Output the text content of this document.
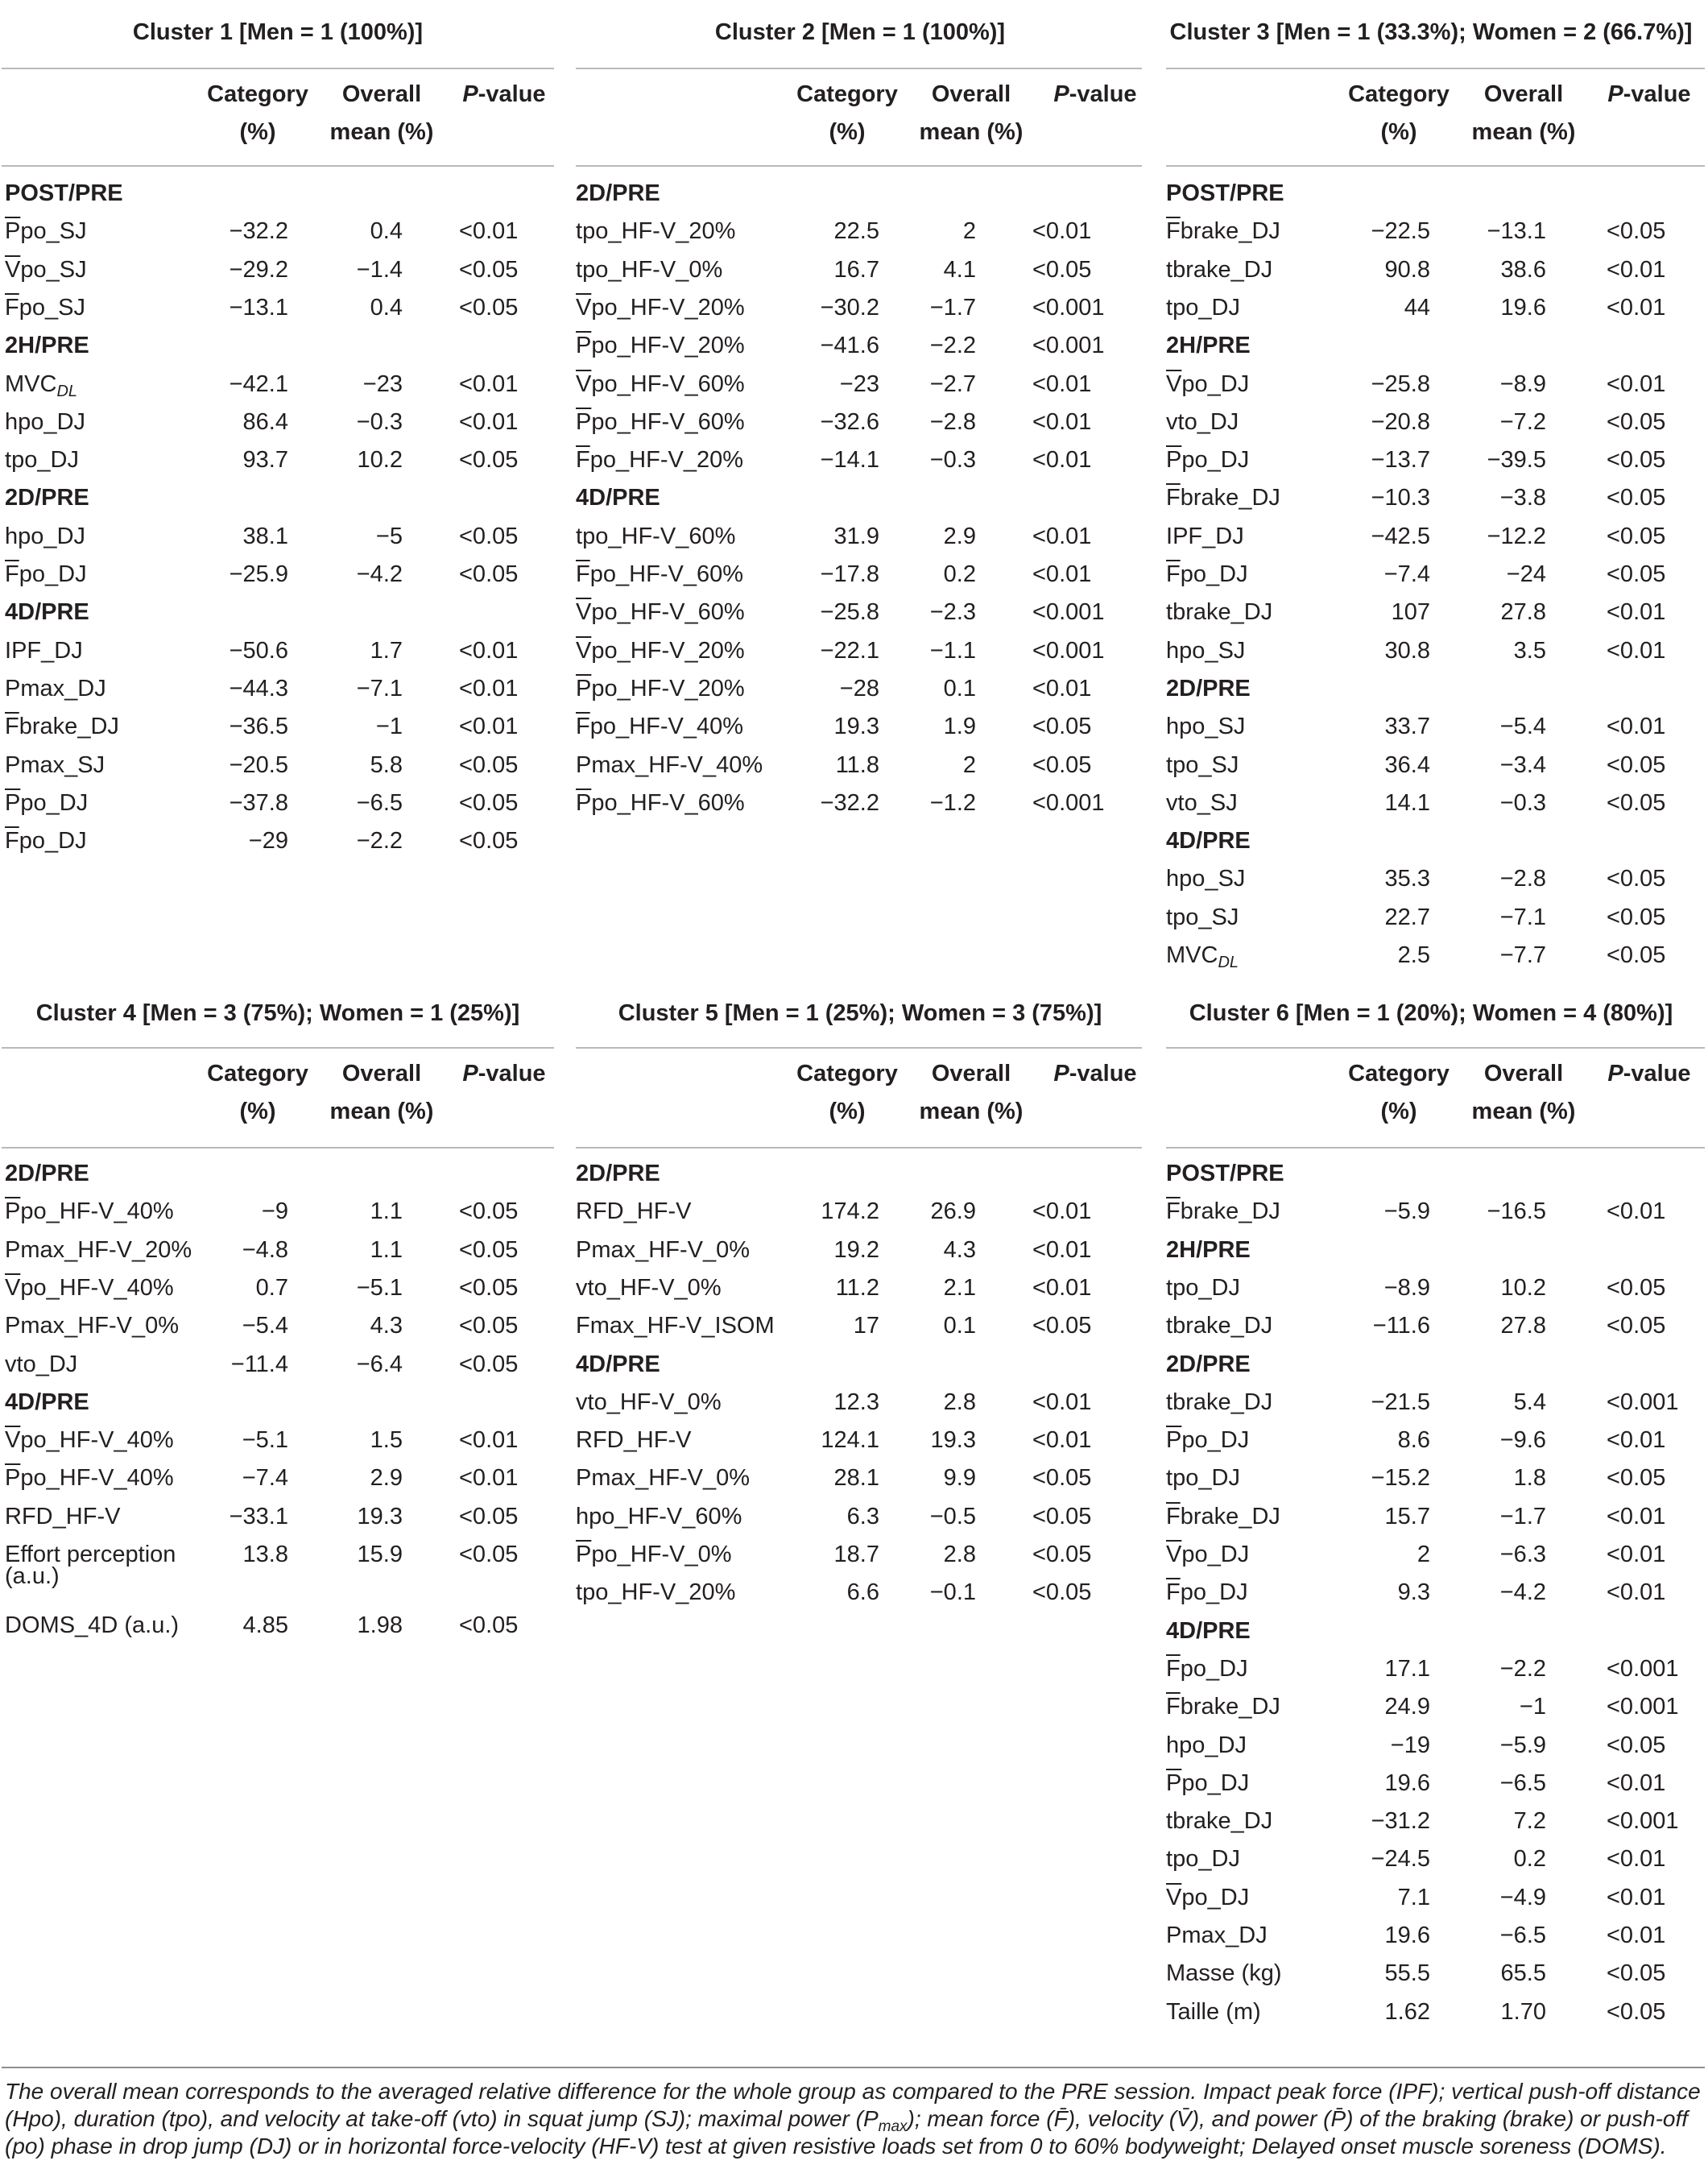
Cluster 1 [Men = 1 (100%)]
Category
(%)
Overall
mean (%)
P-value
POST/PRE
$\overline{P}po\_SJ$	−32.2	0.4 <0.01
$\overline{V}po\_SJ$	−29.2	−1.4 <0.05
$\overline{F}po\_SJ$	−13.1	0.4 <0.05
2H/PRE
$MVC_{DL}$	−42.1	−23 <0.01
hpo_DJ	86.4	−0.3 <0.01
tpo_DJ	93.7	10.2 <0.05
2D/PRE
hpo_DJ	38.1	−5 <0.05
$\overline{F}po\_DJ$	−25.9	−4.2 <0.05
4D/PRE
IPF_DJ	−50.6	1.7 <0.01
Pmax_DJ	−44.3	−7.1 <0.01
$\overline{F}brake\_DJ$	−36.5	−1 <0.01
Pmax_SJ	−20.5	5.8 <0.05
$\overline{P}po\_DJ$	−37.8	−6.5 <0.05
$\overline{F}po\_DJ$	−29	−2.2 <0.05
Cluster 2 [Men = 1 (100%)]
Category
(%)
Overall
mean (%)
P-value
2D/PRE
tpo_HF-V_20%	22.5	2 <0.01
tpo_HF-V_0%	16.7	4.1 <0.05
$\overline{V}po\_HF-V\_20\%$	−30.2	−1.7 <0.001
$\overline{P}po\_HF-V\_20\%$	−41.6	−2.2 <0.001
$\overline{V}po\_HF-V\_60\%$	−23	−2.7 <0.01
$\overline{P}po\_HF-V\_60\%$	−32.6	−2.8 <0.01
$\overline{F}po\_HF-V\_20\%$	−14.1	−0.3 <0.01
4D/PRE
tpo_HF-V_60%	31.9	2.9 <0.01
$\overline{F}po\_HF-V\_60\%$	−17.8	0.2 <0.01
$\overline{V}po\_HF-V\_60\%$	−25.8	−2.3 <0.001
$\overline{V}po\_HF-V\_20\%$	−22.1	−1.1 <0.001
$\overline{P}po\_HF-V\_20\%$	−28	0.1 <0.01
$\overline{F}po\_HF-V\_40\%$	19.3	1.9 <0.05
Pmax_HF-V_40%	11.8	2 <0.05
$\overline{P}po\_HF-V\_60\%$	−32.2	−1.2 <0.001
Cluster 3 [Men = 1 (33.3%); Women = 2 (66.7%)]
Category
(%)
Overall
mean (%)
P-value
POST/PRE
$\overline{F}brake\_DJ$	−22.5	−13.1	<0.05
tbrake_DJ	90.8	38.6	<0.01
tpo_DJ	44	19.6	<0.01
2H/PRE
$\overline{V}po\_DJ$	−25.8	−8.9	<0.01
vto_DJ	−20.8	−7.2	<0.05
$\overline{P}po\_DJ$	−13.7	−39.5	<0.05
$\overline{F}brake\_DJ$	−10.3	−3.8	<0.05
IPF_DJ	−42.5	−12.2	<0.05
$\overline{F}po\_DJ$	−7.4	−24	<0.05
tbrake_DJ	107	27.8	<0.01
hpo_SJ	30.8	3.5	<0.01
2D/PRE
hpo_SJ	33.7	−5.4	<0.01
tpo_SJ	36.4	−3.4	<0.05
vto_SJ	14.1	−0.3	<0.05
4D/PRE
hpo_SJ	35.3	−2.8	<0.05
tpo_SJ	22.7	−7.1	<0.05
$MVC_{DL}$	2.5	−7.7	<0.05
Cluster 4 [Men = 3 (75%); Women = 1 (25%)]
Category
(%)
Overall
mean (%)
P-value
2D/PRE
$\overline{P}po\_HF-V\_40\%$	−9	1.1 <0.05
Pmax_HF-V_20%	−4.8	1.1 <0.05
$\overline{V}po\_HF-V\_40\%$	0.7	−5.1 <0.05
Pmax_HF-V_0%	−5.4	4.3 <0.05
vto_DJ	−11.4	−6.4 <0.05
4D/PRE
$\overline{V}po\_HF-V\_40\%$	−5.1	1.5 <0.01
$\overline{P}po\_HF-V\_40\%$	−7.4	2.9 <0.01
RFD_HF-V	−33.1	19.3 <0.05
Effort perception	13.8	15.9 <0.05
(a.u.)
DOMS_4D (a.u.)	4.85	1.98 <0.05
Cluster 5 [Men = 1 (25%); Women = 3 (75%)]
Category
(%)
Overall
mean (%)
P-value
2D/PRE
RFD_HF-V	174.2	26.9 <0.01
Pmax_HF-V_0%	19.2	4.3 <0.01
vto_HF-V_0%	11.2	2.1 <0.01
Fmax_HF-V_ISOM	17	0.1 <0.05
4D/PRE
vto_HF-V_0%	12.3	2.8 <0.01
RFD_HF-V	124.1	19.3 <0.01
Pmax_HF-V_0%	28.1	9.9 <0.05
hpo_HF-V_60%	6.3	−0.5 <0.05
$\overline{P}po\_HF-V\_0\%$	18.7	2.8 <0.05
tpo_HF-V_20%	6.6	−0.1 <0.05
Cluster 6 [Men = 1 (20%); Women = 4 (80%)]
Category
(%)
Overall
mean (%)
P-value
POST/PRE
$\overline{F}brake\_DJ$	−5.9	−16.5	<0.01
2H/PRE
tpo_DJ	−8.9	10.2	<0.05
tbrake_DJ	−11.6	27.8	<0.05
2D/PRE
tbrake_DJ	−21.5	5.4	<0.001
$\overline{P}po\_DJ$	8.6	−9.6	<0.01
tpo_DJ	−15.2	1.8	<0.05
$\overline{F}brake\_DJ$	15.7	−1.7	<0.01
$\overline{V}po\_DJ$	2	−6.3	<0.01
$\overline{F}po\_DJ$	9.3	−4.2	<0.01
4D/PRE
$\overline{F}po\_DJ$	17.1	−2.2	<0.001
$\overline{F}brake\_DJ$	24.9	−1	<0.001
hpo_DJ	−19	−5.9	<0.05
$\overline{P}po\_DJ$	19.6	−6.5	<0.01
tbrake_DJ	−31.2	7.2	<0.001
tpo_DJ	−24.5	0.2	<0.01
$\overline{V}po\_DJ$	7.1	−4.9	<0.01
Pmax_DJ	19.6	−6.5	<0.01
Masse (kg)	55.5	65.5	<0.05
Taille (m)	1.62	1.70	<0.05
The overall mean corresponds to the averaged relative difference for the whole group as compared to the PRE session. Impact peak force (IPF); vertical push-off distance (Hpo), duration (tpo), and velocity at take-off (vto) in squat jump (SJ); maximal power $(P_{max})$; mean force (F̄), velocity (V̄), and power (P̄) of the braking (brake) or push-off (po) phase in drop jump (DJ) or in horizontal force-velocity (HF-V) test at given resistive loads set from 0 to 60% bodyweight; Delayed onset muscle soreness (DOMS).
